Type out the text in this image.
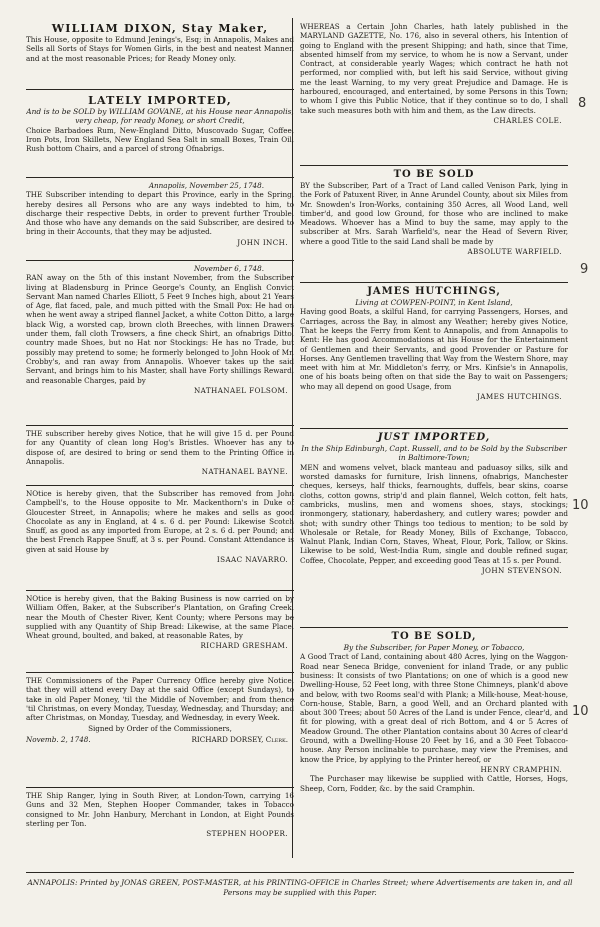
WILLIAM DIXON, Stay Maker,

This House, opposite to Edmund Jenings's, Esq; in Annapolis, Makes and Sells all Sorts of Stays for Women Girls, in the best and neatest Manner, and at the most reasonable Prices; for Ready Money only.

LATELY IMPORTED,
And is to be SOLD by WILLIAM GOVANE, at his House near Annapolis, very cheap, for ready Money, or short Credit,

Choice Barbadoes Rum, New-England Ditto, Muscovado Sugar, Coffee, Iron Pots, Iron Skillets, New England Sea Salt in small Boxes, Train Oil, Rush bottom Chairs, and a parcel of strong Ofnabrigs.

Annapolis, November 25, 1748.

THE Subscriber intending to depart this Province, early in the Spring, hereby desires all Persons who are any ways indebted to him, to discharge their respective Debts, in order to prevent further Trouble. And those who have any demands on the said Subscriber, are desired to bring in their Accounts, that they may be adjusted.

JOHN INCH.
November 6, 1748.

RAN away on the 5th of this instant November, from the Subscriber living at Bladensburg in Prince George's County, an English Convict Servant Man named Charles Elliott, 5 Feet 9 Inches high, about 21 Years of Age, flat faced, pale, and much pitted with the Small Pox: He had on when he went away a striped flannel Jacket, a white Cotton Ditto, a large black Wig, a worsted cap, brown cloth Breeches, with linnen Drawers under them, fall cloth Trowsers, a fine check Shirt, an ofnabrigs Ditto, country made Shoes, but no Hat nor Stockings: He has no Trade, but possibly may pretend to some; he formerly belonged to John Hook of Mr. Crobby's, and ran away from Annapolis. Whoever takes up the said Servant, and brings him to his Master, shall have Forty shillings Reward, and reasonable Charges, paid by

NATHANAEL FOLSOM.

THE subscriber hereby gives Notice, that he will give 15 d. per Pound for any Quantity of clean long Hog's Bristles. Whoever has any to dispose of, are desired to bring or send them to the Printing Office in Annapolis.

NATHANAEL BAYNE.

NOtice is hereby given, that the Subscriber has removed from John Campbell's, to the House opposite to Mr. Mackenthorn's in Duke of Gloucester Street, in Annapolis; where he makes and sells as good Chocolate as any in England, at 4 s. 6 d. per Pound: Likewise Scotch Snuff, as good as any imported from Europe, at 2 s. 6 d. per Pound; and the best French Rappee Snuff, at 3 s. per Pound. Constant Attendance is given at said House by

ISAAC NAVARRO.

NOtice is hereby given, that the Baking Business is now carried on by William Offen, Baker, at the Subscriber's Plantation, on Grafing Creek, near the Mouth of Chester River, Kent County; where Persons may be supplied with any Quantity of Ship Bread: Likewise, at the same Place, Wheat ground, boulted, and baked, at reasonable Rates, by

RICHARD GRESHAM.

THE Commissioners of the Paper Currency Office hereby give Notice, that they will attend every Day at the said Office (except Sundays), to take in old Paper Money, 'til the Middle of November; and from thence 'til Christmas, on every Monday, Tuesday, Wednesday, and Thursday; and after Christmas, on Monday, Tuesday, and Wednesday, in every Week.

Signed by Order of the Commissioners,
Novemb. 2, 1748.	RICHARD DORSEY, Clerk.

THE Ship Ranger, lying in South River, at London-Town, carrying 16 Guns and 32 Men, Stephen Hooper Commander, takes in Tobacco consigned to Mr. John Hanbury, Merchant in London, at Eight Pounds sterling per Ton.

STEPHEN HOOPER.

WHEREAS a Certain John Charles, hath lately published in the MARYLAND GAZETTE, No. 176, also in several others, his Intention of going to England with the present Shipping; and hath, since that Time, absented himself from my service, to whom he is now a Servant, under Contract, at considerable yearly Wages; which contract he hath not performed, nor complied with, but left his said Service, without giving me the least Warning, to my very great Prejudice and Damage. He is harboured, encouraged, and entertained, by some Persons in this Town; to whom I give this Public Notice, that if they continue so to do, I shall take such measures both with him and them, as the Law directs.

CHARLES COLE.
TO BE SOLD

BY the Subscriber, Part of a Tract of Land called Venison Park, lying in the Fork of Patuxent River, in Anne Arundel County, about six Miles from Mr. Snowden's Iron-Works, containing 350 Acres, all Wood Land, well timber'd, and good low Ground, for those who are inclined to make Meadows. Whoever has a Mind to buy the same, may apply to the subscriber at Mrs. Sarah Warfield's, near the Head of Severn River, where a good Title to the said Land shall be made by

ABSOLUTE WARFIELD.
JAMES HUTCHINGS,
Living at COWPEN-POINT, in Kent Island,

Having good Boats, a skilful Hand, for carrying Passengers, Horses, and Carriages, across the Bay, in almost any Weather; hereby gives Notice, That he keeps the Ferry from Kent to Annapolis, and from Annapolis to Kent: He has good Accommodations at his House for the Entertainment of Gentlemen and their Servants, and good Provender or Pasture for Horses. Any Gentlemen travelling that Way from the Western Shore, may meet with him at Mr. Middleton's ferry, or Mrs. Kinfsie's in Annapolis, one of his boats being often on that side the Bay to wait on Passengers; who may all depend on good Usage, from

JAMES HUTCHINGS.
JUST IMPORTED,
In the Ship Edinburgh, Capt. Russell, and to be Sold by the Subscriber in Baltimore-Town;

MEN and womens velvet, black manteau and paduasoy silks, silk and worsted damasks for furniture, Irish linnens, ofnabrigs, Manchester cheques, kerseys, half thicks, fearnoughts, duffels, bear skins, coarse cloths, cotton gowns, strip'd and plain flannel, Welch cotton, felt hats, cambricks, muslins, men and womens shoes, stays, stockings; ironmongery, stationary, haberdashery, and cutlery wares; powder and shot; with sundry other Things too tedious to mention; to be sold by Wholesale or Retale, for Ready Money, Bills of Exchange, Tobacco, Walnut Plank, Indian Corn, Staves, Wheat, Flour, Pork, Tallow, or Skins. Likewise to be sold, West-India Rum, single and double refined sugar, Coffee, Chocolate, Pepper, and exceeding good Teas at 15 s. per Pound.

JOHN STEVENSON.
TO BE SOLD,
By the Subscriber, for Paper Money, or Tobacco,

A Good Tract of Land, containing about 480 Acres, lying on the Waggon-Road near Seneca Bridge, convenient for inland Trade, or any public business: It consists of two Plantations; on one of which is a good new Dwelling-House, 52 Feet long, with three Stone Chimneys, plank'd above and below, with two Rooms seal'd with Plank; a Milk-house, Meat-house, Corn-house, Stable, Barn, a good Well, and an Orchard planted with about 300 Trees; about 50 Acres of the Land is under Fence, clear'd, and fit for plowing, with a great deal of rich Bottom, and 4 or 5 Acres of Meadow Ground. The other Plantation contains about 30 Acres of clear'd Ground, with a Dwelling-House 20 Feet by 16, and a 30 Feet Tobacco-house. Any Person inclinable to purchase, may view the Premises, and know the Price, by applying to the Printer hereof, or

HENRY CRAMPHIN.

The Purchaser may likewise be supplied with Cattle, Horses, Hogs, Sheep, Corn, Fodder, &c. by the said Cramphin.

ANNAPOLIS: Printed by JONAS GREEN, POST-MASTER, at his PRINTING-OFFICE in Charles Street; where Advertisements are taken in, and all Persons may be supplied with this Paper.
8
9
10
10
